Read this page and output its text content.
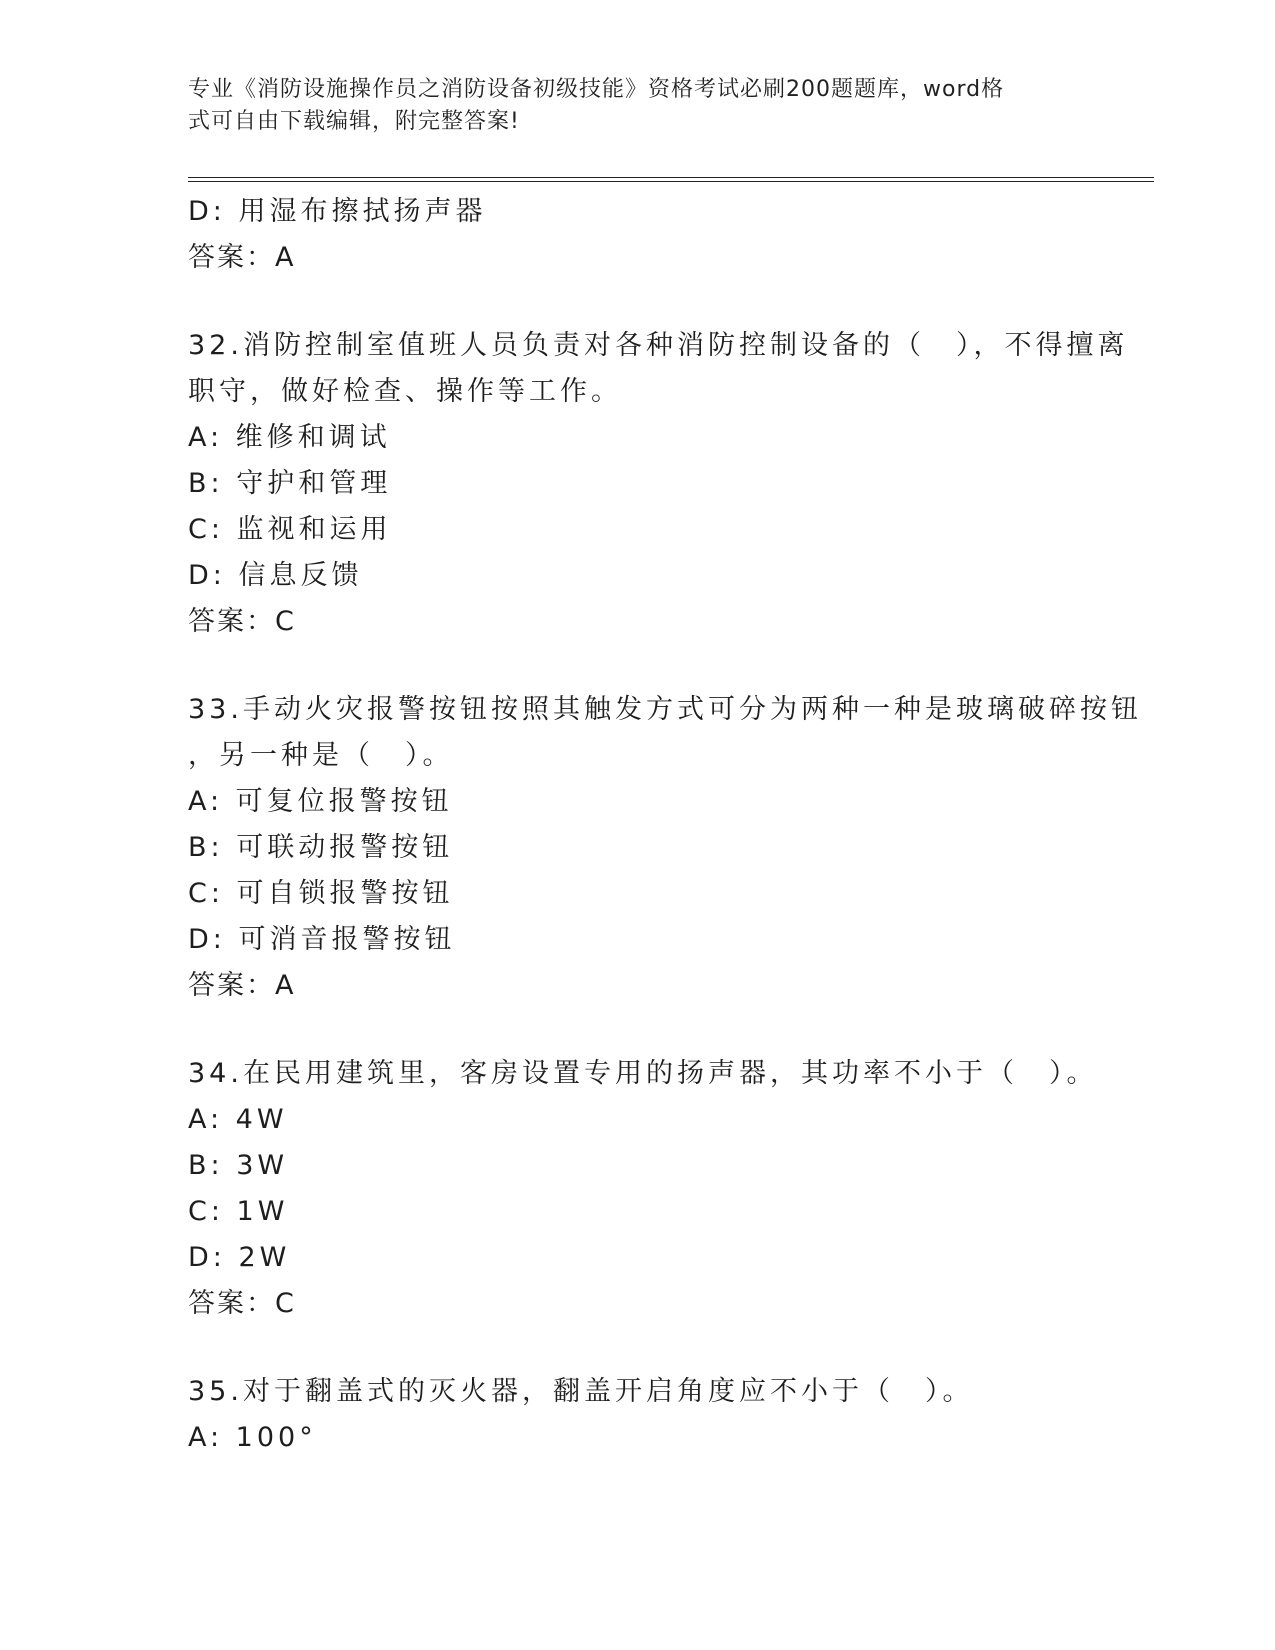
专业《消防设施操作员之消防设备初级技能》资格考试必刷200题题库，word格
式可自由下载编辑，附完整答案!
D: 用湿布擦拭扬声器
答案：A
32.消防控制室值班人员负责对各种消防控制设备的（　），不得擅离
职守，做好检查、操作等工作。
A: 维修和调试
B: 守护和管理
C: 监视和运用
D: 信息反馈
答案：C
33.手动火灾报警按钮按照其触发方式可分为两种一种是玻璃破碎按钮
，另一种是（　）。
A: 可复位报警按钮
B: 可联动报警按钮
C: 可自锁报警按钮
D: 可消音报警按钮
答案：A
34.在民用建筑里，客房设置专用的扬声器，其功率不小于（　）。
A: 4W
B: 3W
C: 1W
D: 2W
答案：C
35.对于翻盖式的灭火器，翻盖开启角度应不小于（　）。
A: 100°
